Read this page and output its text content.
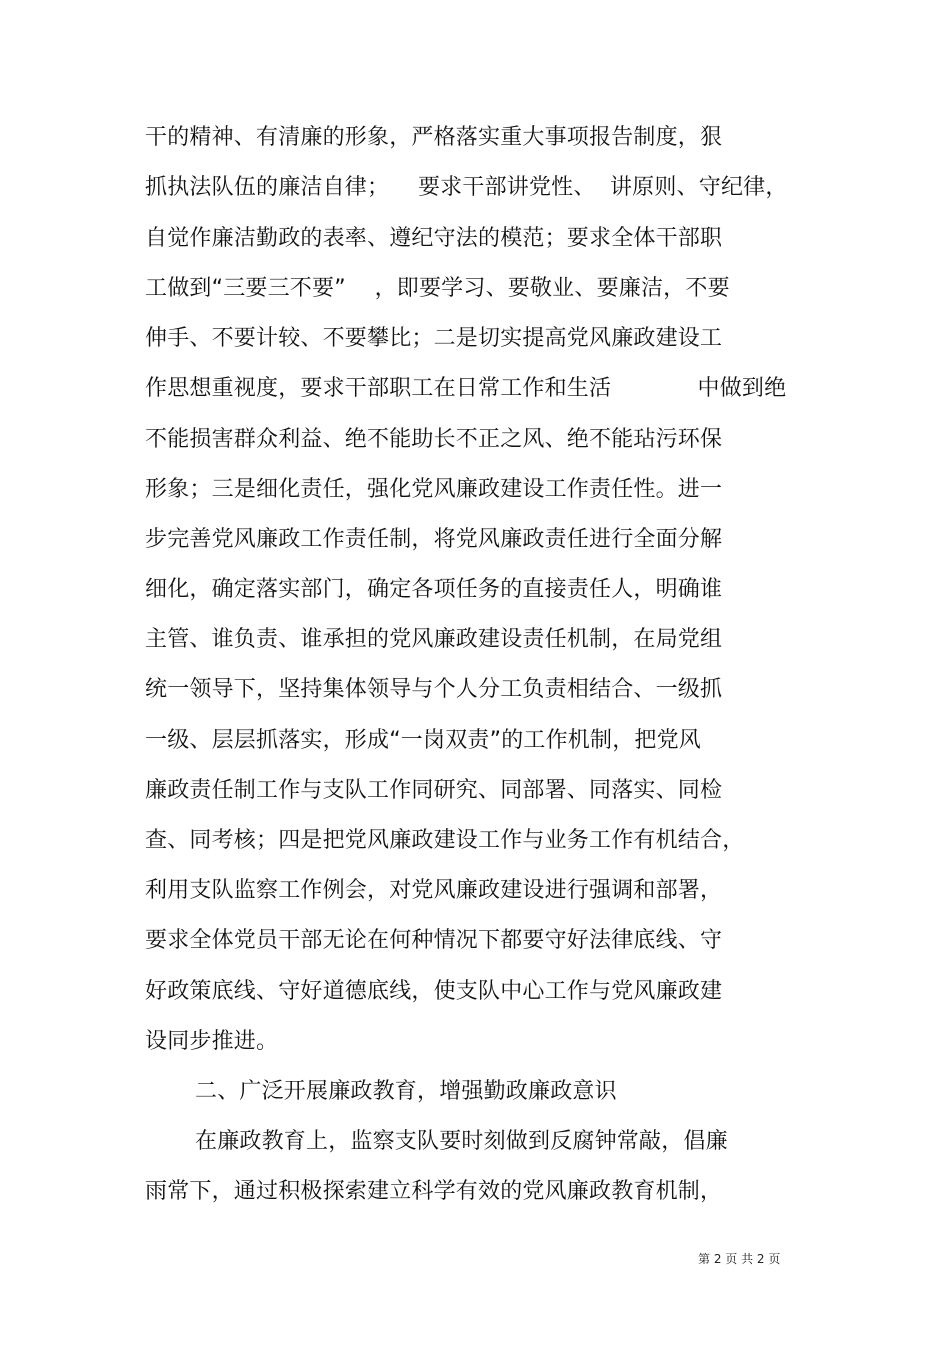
干的精神、有清廉的形象，严格落实重大事项报告制度，狠
抓执法队伍的廉洁自律；    要求干部讲党性、  讲原则、守纪律，
自觉作廉洁勤政的表率、遵纪守法的模范；要求全体干部职
工做到“三要三不要”    ，即要学习、要敬业、要廉洁，不要
伸手、不要计较、不要攀比；二是切实提高党风廉政建设工
作思想重视度，要求干部职工在日常工作和生活            中做到绝
不能损害群众利益、绝不能助长不正之风、绝不能玷污环保
形象；三是细化责任，强化党风廉政建设工作责任性。进一
步完善党风廉政工作责任制，将党风廉政责任进行全面分解
细化，确定落实部门，确定各项任务的直接责任人，明确谁
主管、谁负责、谁承担的党风廉政建设责任机制，在局党组
统一领导下，坚持集体领导与个人分工负责相结合、一级抓
一级、层层抓落实，形成“一岗双责”的工作机制，把党风
廉政责任制工作与支队工作同研究、同部署、同落实、同检
查、同考核；四是把党风廉政建设工作与业务工作有机结合，
利用支队监察工作例会，对党风廉政建设进行强调和部署，
要求全体党员干部无论在何种情况下都要守好法律底线、守
好政策底线、守好道德底线，使支队中心工作与党风廉政建
设同步推进。
二、广泛开展廉政教育，增强勤政廉政意识
在廉政教育上，监察支队要时刻做到反腐钟常敲，倡廉
雨常下，通过积极探索建立科学有效的党风廉政教育机制，
第 2 页 共 2 页
